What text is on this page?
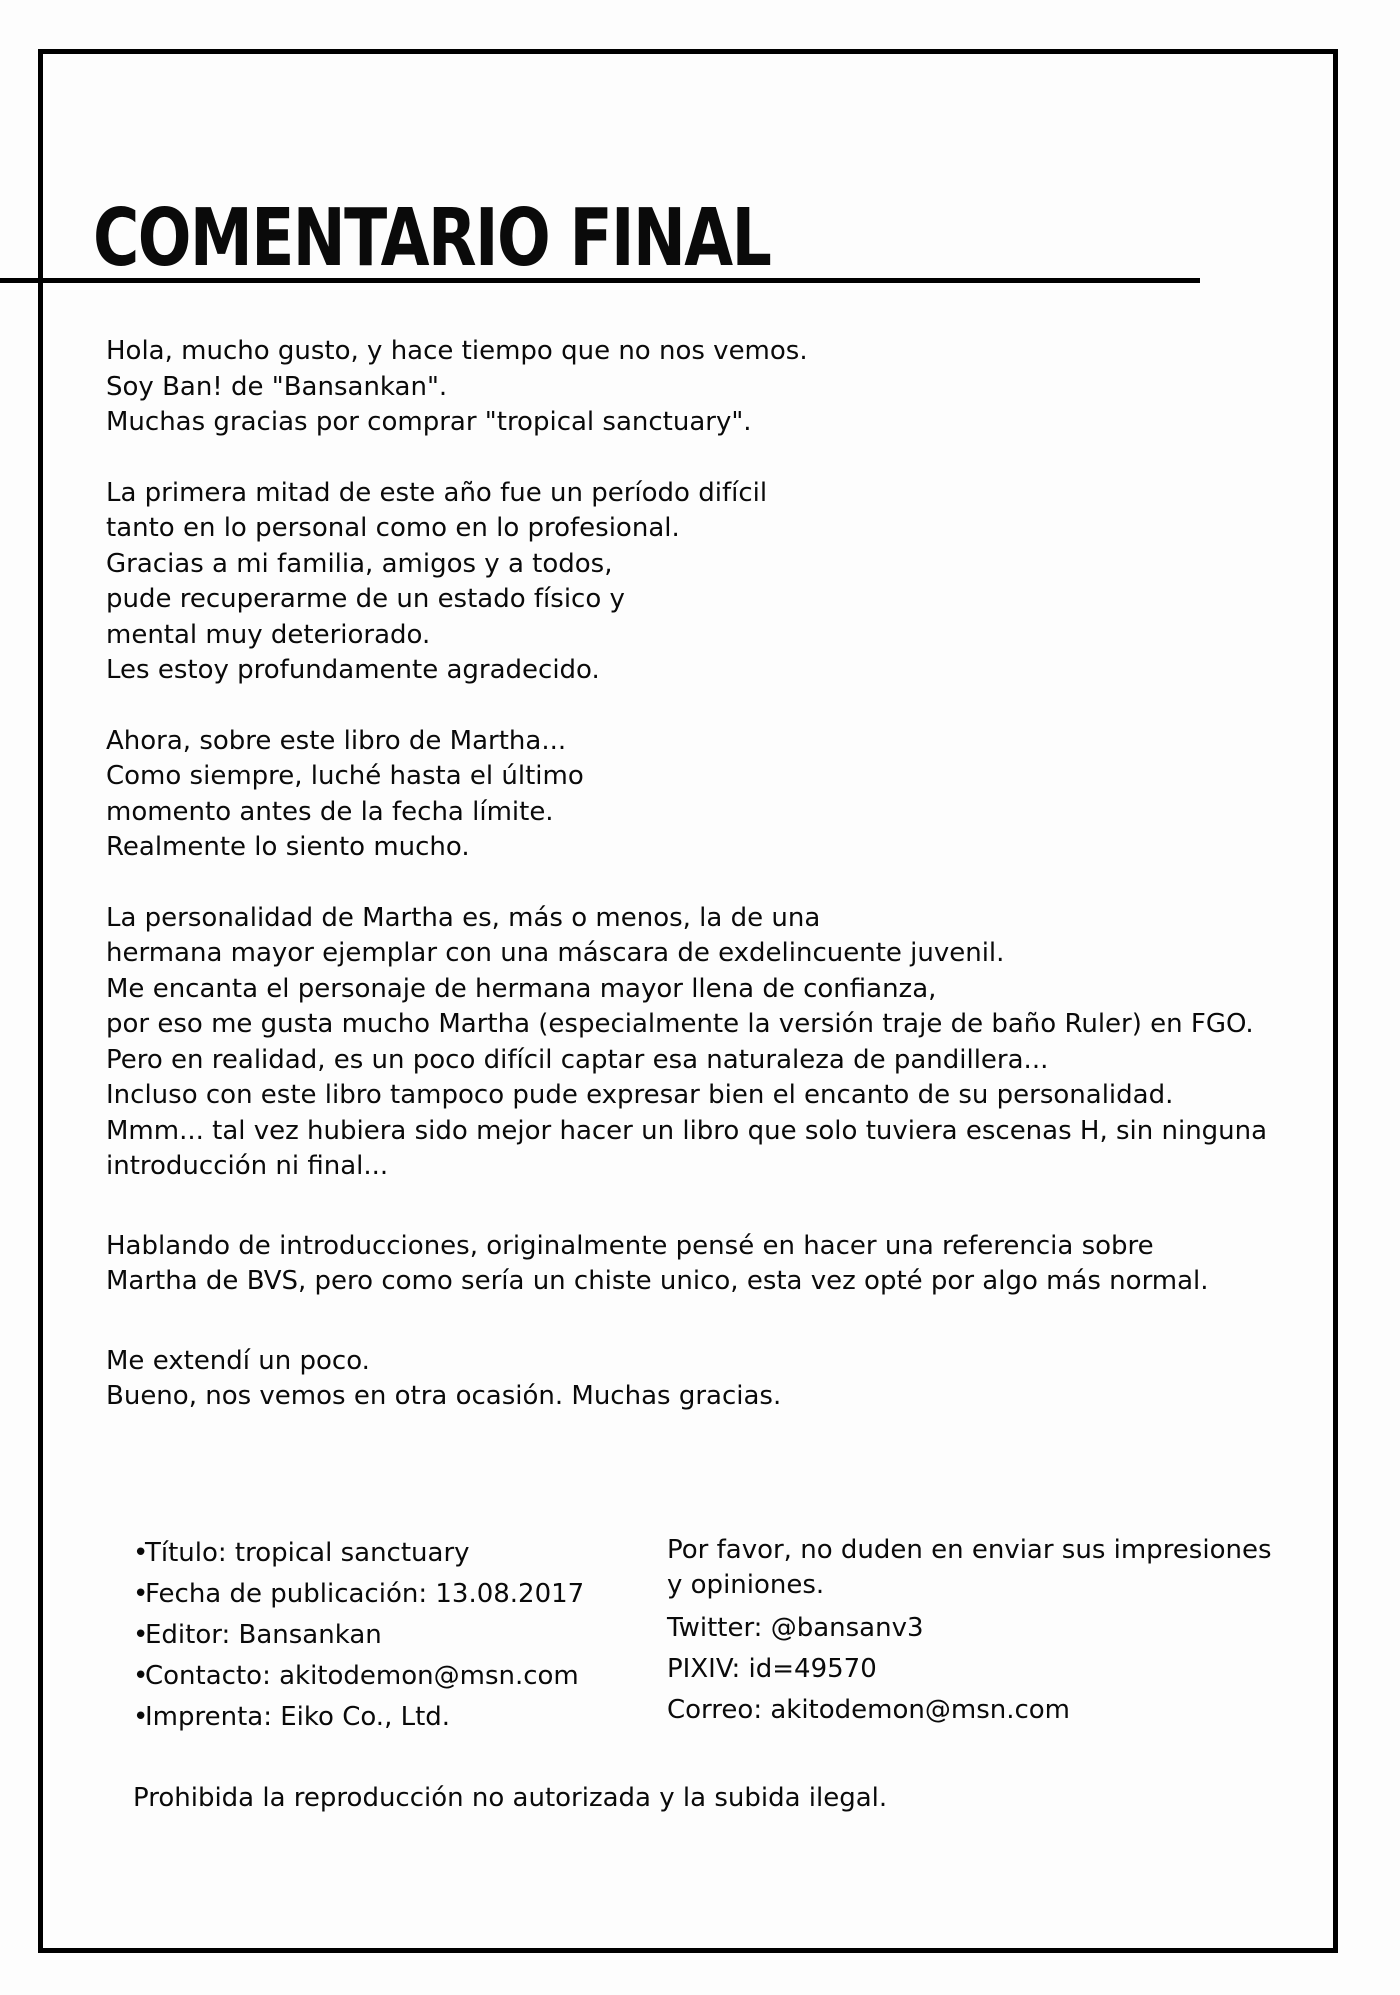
COMENTARIO FINAL

Hola, mucho gusto, y hace tiempo que no nos vemos.
Soy Ban! de "Bansankan".
Muchas gracias por comprar "tropical sanctuary".

La primera mitad de este año fue un período difícil
tanto en lo personal como en lo profesional.
Gracias a mi familia, amigos y a todos,
pude recuperarme de un estado físico y
mental muy deteriorado.
Les estoy profundamente agradecido.

Ahora, sobre este libro de Martha...
Como siempre, luché hasta el último
momento antes de la fecha límite.
Realmente lo siento mucho.

La personalidad de Martha es, más o menos, la de una
hermana mayor ejemplar con una máscara de exdelincuente juvenil.
Me encanta el personaje de hermana mayor llena de confianza,
por eso me gusta mucho Martha (especialmente la versión traje de baño Ruler) en FGO.
Pero en realidad, es un poco difícil captar esa naturaleza de pandillera...
Incluso con este libro tampoco pude expresar bien el encanto de su personalidad.
Mmm... tal vez hubiera sido mejor hacer un libro que solo tuviera escenas H, sin ninguna
introducción ni final...

Hablando de introducciones, originalmente pensé en hacer una referencia sobre
Martha de BVS, pero como sería un chiste unico, esta vez opté por algo más normal.

Me extendí un poco.
Bueno, nos vemos en otra ocasión. Muchas gracias.

•Título: tropical sanctuary
•Fecha de publicación: 13.08.2017
•Editor: Bansankan
•Contacto: akitodemon@msn.com
•Imprenta: Eiko Co., Ltd.
Por favor, no duden en enviar sus impresiones
y opiniones.
Twitter: @bansanv3
PIXIV: id=49570
Correo: akitodemon@msn.com
Prohibida la reproducción no autorizada y la subida ilegal.
